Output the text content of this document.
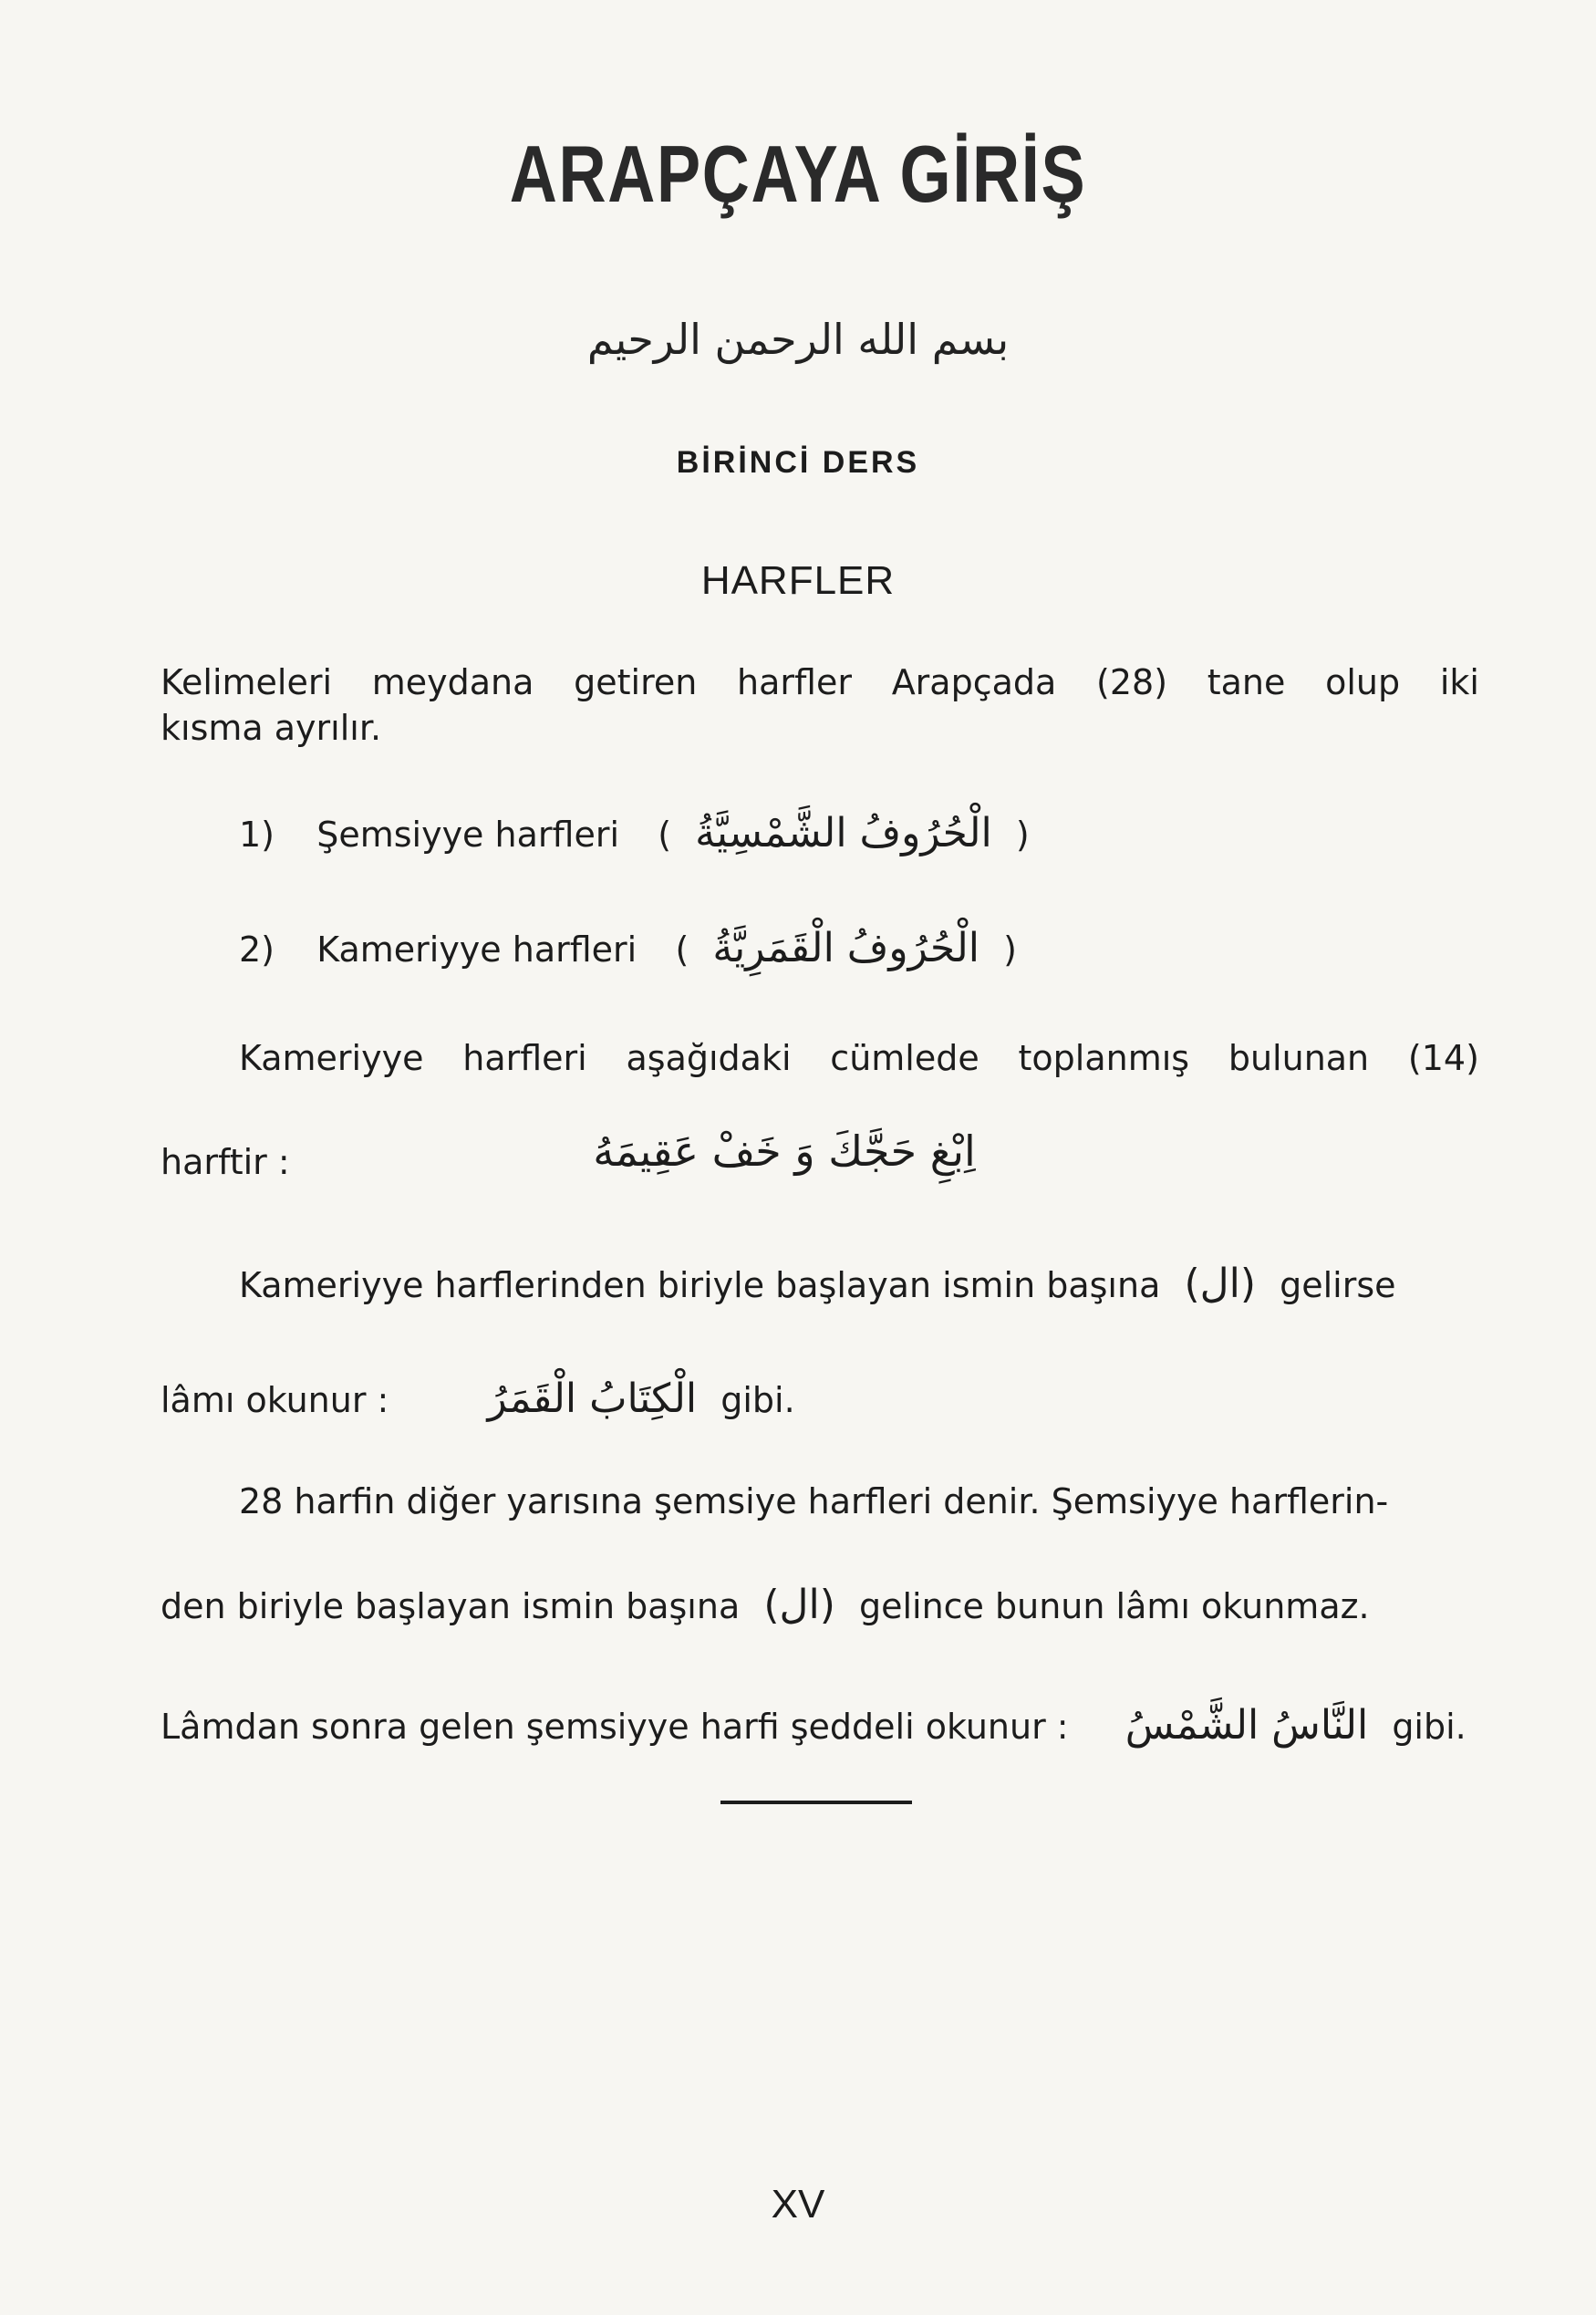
ARAPÇAYA GİRİŞ
بسم الله الرحمن الرحيم
BİRİNCİ DERS
HARFLER
Kelimeleri meydana getiren harfler Arapçada (28) tane olup iki
kısma ayrılır.
1) Şemsiyye harfleri ( الْحُرُوفُ الشَّمْسِيَّةُ )
2) Kameriyye harfleri ( الْحُرُوفُ الْقَمَرِيَّةُ )
Kameriyye harfleri aşağıdaki cümlede toplanmış bulunan (14)
harftir :	اِبْغِ حَجَّكَ وَ خَفْ عَقِيمَهُ
Kameriyye harflerinden biriyle başlayan ismin başına (ال) gelirse
lâmı okunur : الْكِتَابُ الْقَمَرُ gibi.
28 harfin diğer yarısına şemsiye harfleri denir. Şemsiyye harflerin-
den biriyle başlayan ismin başına (ال) gelince bunun lâmı okunmaz.
Lâmdan sonra gelen şemsiyye harfi şeddeli okunur : النَّاسُ الشَّمْسُ gibi.
XV
